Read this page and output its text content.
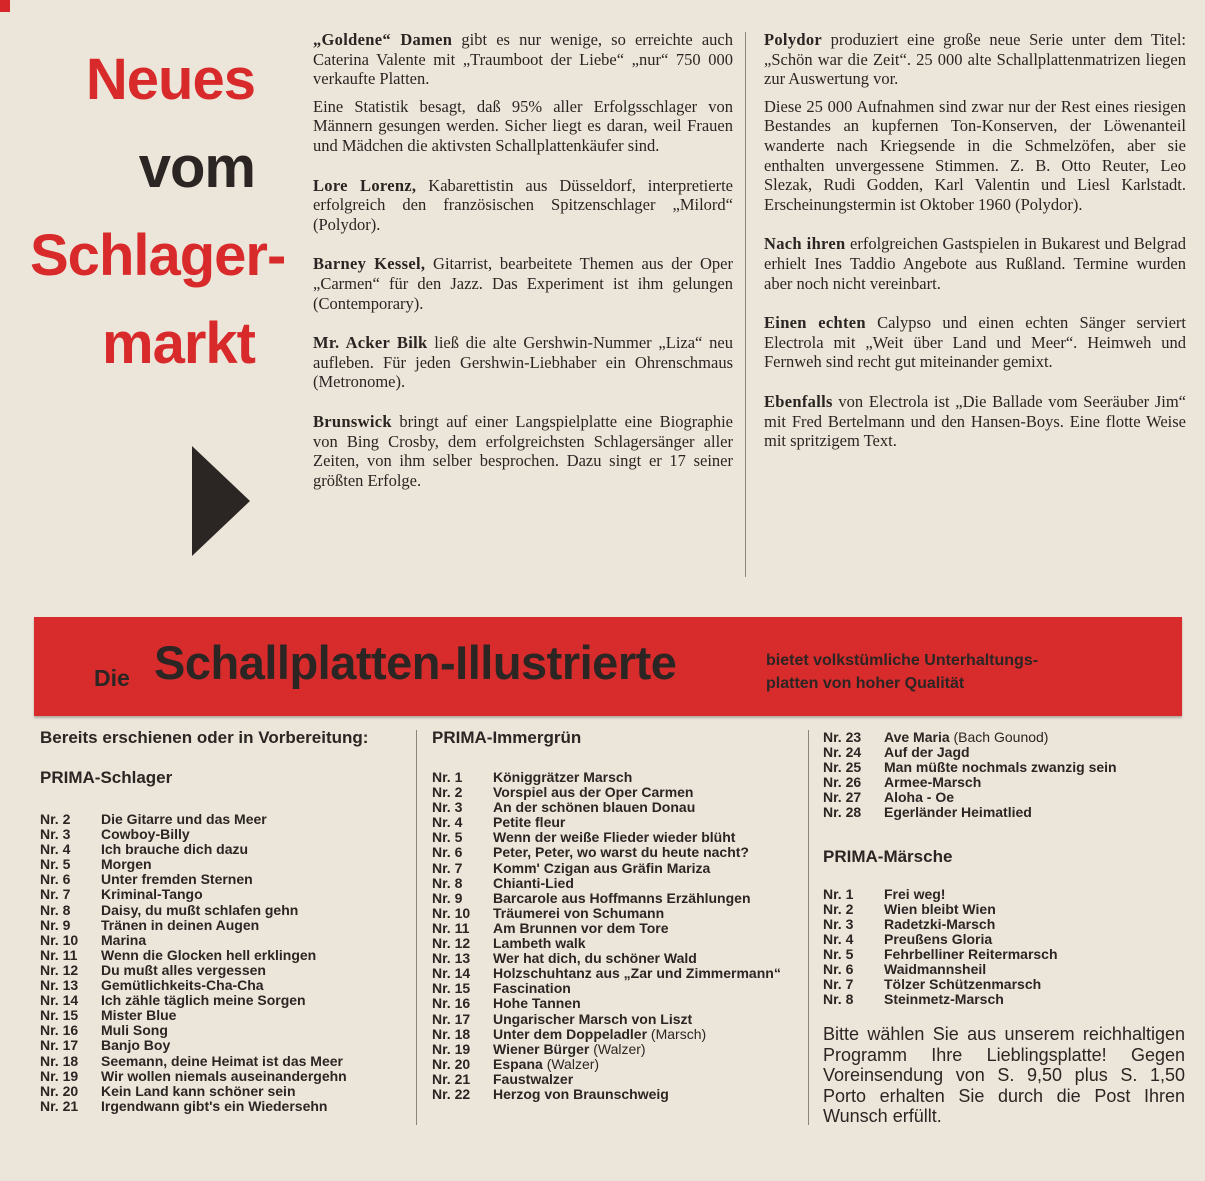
Neues
vom
Schlager-
markt

„Goldene“ Damen gibt es nur wenige, so erreichte auch Caterina Valente mit „Traumboot der Liebe“ „nur“ 750 000 verkaufte Platten.

Eine Statistik besagt, daß 95% aller Erfolgsschlager von Männern gesungen werden. Sicher liegt es daran, weil Frauen und Mädchen die aktivsten Schallplattenkäufer sind.

Lore Lorenz, Kabarettistin aus Düsseldorf, interpretierte erfolgreich den französischen Spitzenschlager „Milord“ (Polydor).

Barney Kessel, Gitarrist, bearbeitete Themen aus der Oper „Carmen“ für den Jazz. Das Experiment ist ihm gelungen (Contemporary).

Mr. Acker Bilk ließ die alte Gershwin-Nummer „Liza“ neu aufleben. Für jeden Gershwin-Liebhaber ein Ohrenschmaus (Metronome).

Brunswick bringt auf einer Langspielplatte eine Biographie von Bing Crosby, dem erfolgreichsten Schlagersänger aller Zeiten, von ihm selber besprochen. Dazu singt er 17 seiner größten Erfolge.

Polydor produziert eine große neue Serie unter dem Titel: „Schön war die Zeit“. 25 000 alte Schallplattenmatrizen liegen zur Auswertung vor.

Diese 25 000 Aufnahmen sind zwar nur der Rest eines riesigen Bestandes an kupfernen Ton-Konserven, der Löwenanteil wanderte nach Kriegsende in die Schmelzöfen, aber sie enthalten unvergessene Stimmen. Z. B. Otto Reuter, Leo Slezak, Rudi Godden, Karl Valentin und Liesl Karlstadt. Erscheinungstermin ist Oktober 1960 (Polydor).

Nach ihren erfolgreichen Gastspielen in Bukarest und Belgrad erhielt Ines Taddio Angebote aus Rußland. Termine wurden aber noch nicht vereinbart.

Einen echten Calypso und einen echten Sänger serviert Electrola mit „Weit über Land und Meer“. Heimweh und Fernweh sind recht gut miteinander gemixt.

Ebenfalls von Electrola ist „Die Ballade vom Seeräuber Jim“ mit Fred Bertelmann und den Hansen-Boys. Eine flotte Weise mit spritzigem Text.

Die Schallplatten-Illustrierte	bietet volkstümliche Unterhaltungs-
platten von hoher Qualität
Bereits erschienen oder in Vorbereitung:
PRIMA-Schlager
Nr. 2	Die Gitarre und das Meer
Nr. 3	Cowboy-Billy
Nr. 4	Ich brauche dich dazu
Nr. 5	Morgen
Nr. 6	Unter fremden Sternen
Nr. 7	Kriminal-Tango
Nr. 8	Daisy, du mußt schlafen gehn
Nr. 9	Tränen in deinen Augen
Nr. 10	Marina
Nr. 11	Wenn die Glocken hell erklingen
Nr. 12	Du mußt alles vergessen
Nr. 13	Gemütlichkeits-Cha-Cha
Nr. 14	Ich zähle täglich meine Sorgen
Nr. 15	Mister Blue
Nr. 16	Muli Song
Nr. 17	Banjo Boy
Nr. 18	Seemann, deine Heimat ist das Meer
Nr. 19	Wir wollen niemals auseinandergehn
Nr. 20	Kein Land kann schöner sein
Nr. 21	Irgendwann gibt's ein Wiedersehn
PRIMA-Immergrün
Nr. 1	Königgrätzer Marsch
Nr. 2	Vorspiel aus der Oper Carmen
Nr. 3	An der schönen blauen Donau
Nr. 4	Petite fleur
Nr. 5	Wenn der weiße Flieder wieder blüht
Nr. 6	Peter, Peter, wo warst du heute nacht?
Nr. 7	Komm' Czigan aus Gräfin Mariza
Nr. 8	Chianti-Lied
Nr. 9	Barcarole aus Hoffmanns Erzählungen
Nr. 10	Träumerei von Schumann
Nr. 11	Am Brunnen vor dem Tore
Nr. 12	Lambeth walk
Nr. 13	Wer hat dich, du schöner Wald
Nr. 14	Holzschuhtanz aus „Zar und Zimmermann“
Nr. 15	Fascination
Nr. 16	Hohe Tannen
Nr. 17	Ungarischer Marsch von Liszt
Nr. 18	Unter dem Doppeladler (Marsch)
Nr. 19	Wiener Bürger (Walzer)
Nr. 20	Espana (Walzer)
Nr. 21	Faustwalzer
Nr. 22	Herzog von Braunschweig
Nr. 23	Ave Maria (Bach Gounod)
Nr. 24	Auf der Jagd
Nr. 25	Man müßte nochmals zwanzig sein
Nr. 26	Armee-Marsch
Nr. 27	Aloha - Oe
Nr. 28	Egerländer Heimatlied
PRIMA-Märsche
Nr. 1	Frei weg!
Nr. 2	Wien bleibt Wien
Nr. 3	Radetzki-Marsch
Nr. 4	Preußens Gloria
Nr. 5	Fehrbelliner Reitermarsch
Nr. 6	Waidmannsheil
Nr. 7	Tölzer Schützenmarsch
Nr. 8	Steinmetz-Marsch
Bitte wählen Sie aus unserem reichhaltigen Programm Ihre Lieblingsplatte! Gegen Voreinsendung von S. 9,50 plus S. 1,50 Porto erhalten Sie durch die Post Ihren Wunsch erfüllt.
